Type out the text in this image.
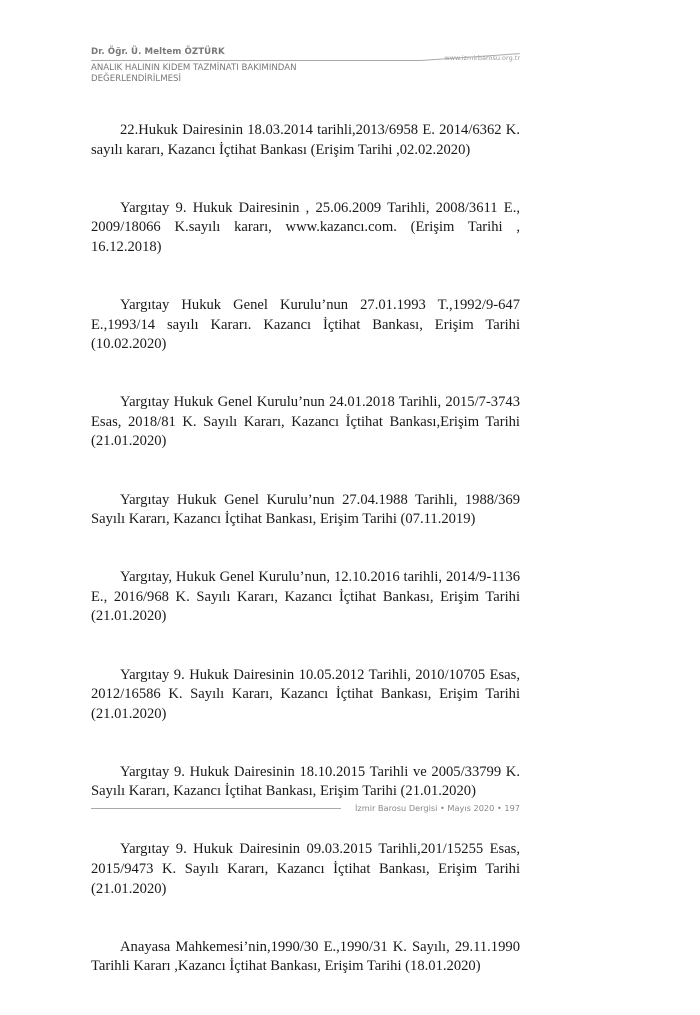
Dr. Öğr. Ü. Meltem ÖZTÜRK
www.izmirbarosu.org.tr
ANALIK HALININ KIDEM TAZMİNATI BAKIMINDAN
DEĞERLENDİRİLMESİ

22.Hukuk Dairesinin 18.03.2014 tarihli,2013/6958 E. 2014/6362 K. sayılı kararı, Kazancı İçtihat Bankası (Erişim Tarihi ,02.02.2020)

Yargıtay 9. Hukuk Dairesinin , 25.06.2009 Tarihli, 2008/3611 E., 2009/18066 K.sayılı kararı, www.kazancı.com. (Erişim Tarihi , 16.12.2018)

Yargıtay Hukuk Genel Kurulu’nun 27.01.1993 T.,1992/9-647 E.,1993/14 sayılı Kararı. Kazancı İçtihat Bankası, Erişim Tarihi (10.02.2020)

Yargıtay Hukuk Genel Kurulu’nun 24.01.2018 Tarihli, 2015/7-3743 Esas, 2018/81 K. Sayılı Kararı, Kazancı İçtihat Bankası,Erişim Tarihi (21.01.2020)

Yargıtay Hukuk Genel Kurulu’nun 27.04.1988 Tarihli, 1988/369 Sayılı Kararı, Kazancı İçtihat Bankası, Erişim Tarihi (07.11.2019)

Yargıtay, Hukuk Genel Kurulu’nun, 12.10.2016 tarihli, 2014/9-1136 E., 2016/968 K. Sayılı Kararı, Kazancı İçtihat Bankası, Erişim Tarihi (21.01.2020)

Yargıtay 9. Hukuk Dairesinin 10.05.2012 Tarihli, 2010/10705 Esas, 2012/16586 K. Sayılı Kararı, Kazancı İçtihat Bankası, Erişim Tarihi (21.01.2020)

Yargıtay 9. Hukuk Dairesinin 18.10.2015 Tarihli ve 2005/33799 K. Sayılı Kararı, Kazancı İçtihat Bankası, Erişim Tarihi (21.01.2020)

Yargıtay 9. Hukuk Dairesinin 09.03.2015 Tarihli,201/15255 Esas, 2015/9473 K. Sayılı Kararı, Kazancı İçtihat Bankası, Erişim Tarihi (21.01.2020)

Anayasa Mahkemesi’nin,1990/30 E.,1990/31 K. Sayılı, 29.11.1990 Tarihli Kararı ,Kazancı İçtihat Bankası, Erişim Tarihi (18.01.2020)

İzmir Barosu Dergisi • Mayıs 2020 • 197
